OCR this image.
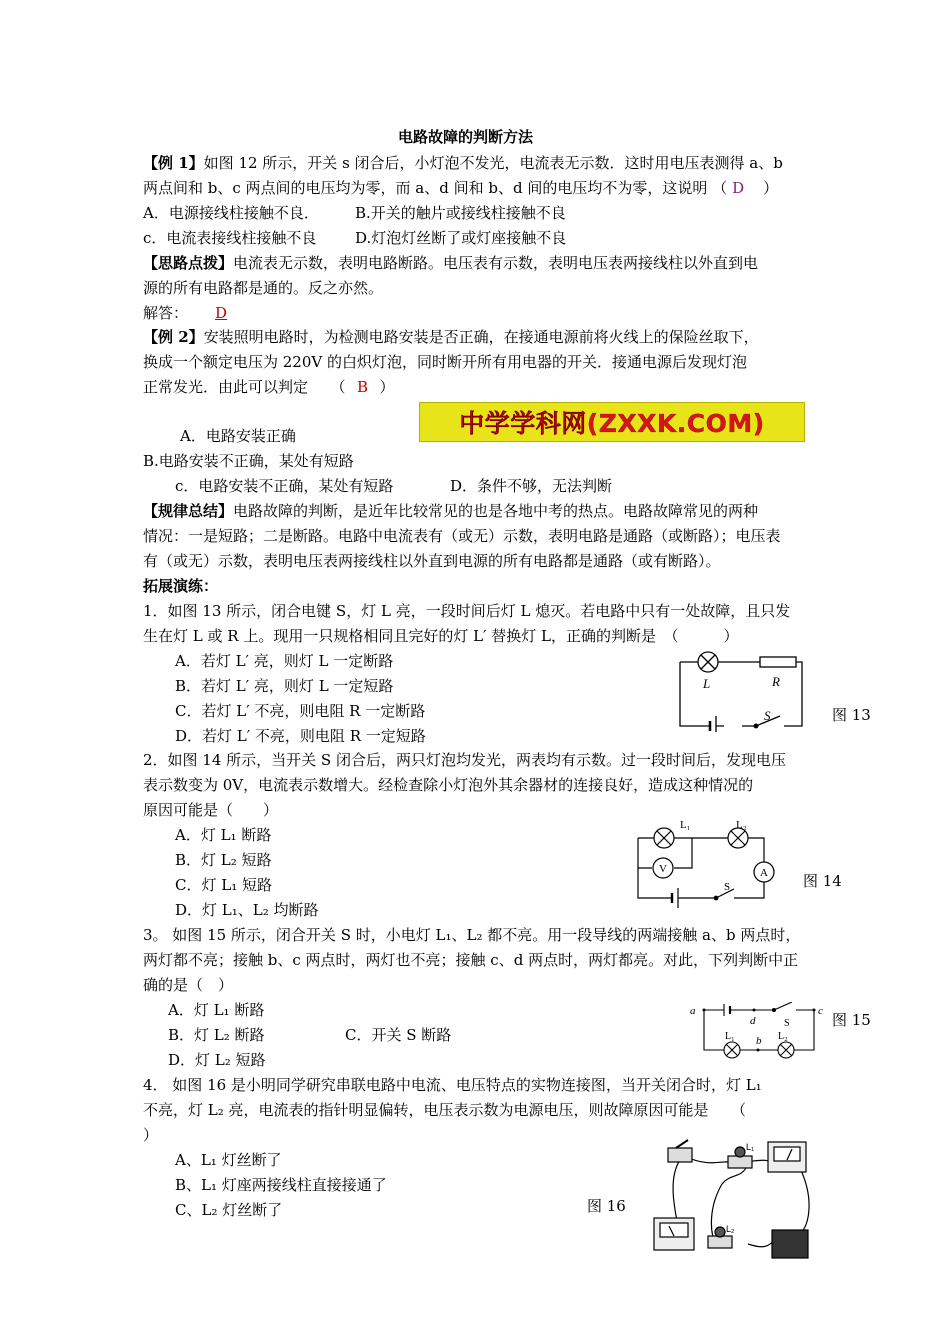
电路故障的判断方法
【例 1】如图 12 所示，开关 s 闭合后，小灯泡不发光，电流表无示数．这时用电压表测得 a、b
两点间和 b、c 两点间的电压均为零，而 a、d 间和 b、d 间的电压均不为零，这说明 （ D ）
A．电源接线柱接触不良． B.开关的触片或接线柱接触不良
c．电流表接线柱接触不良	D.灯泡灯丝断了或灯座接触不良
【思路点拨】电流表无示数，表明电路断路。电压表有示数，表明电压表两接线柱以外直到电
源的所有电路都是通的。反之亦然。
解答： D
【例 2】安装照明电路时，为检测电路安装是否正确，在接通电源前将火线上的保险丝取下，
换成一个额定电压为 220V 的白炽灯泡，同时断开所有用电器的开关．接通电源后发现灯泡
正常发光．由此可以判定　　（ B ）
中学学科网(ZXXK.COM)
A．电路安装正确
B.电路安装不正确，某处有短路
c．电路安装不正确，某处有短路	D．条件不够，无法判断
【规律总结】电路故障的判断，是近年比较常见的也是各地中考的热点。电路故障常见的两种
情况：一是短路；二是断路。电路中电流表有（或无）示数，表明电路是通路（或断路）；电压表
有（或无）示数，表明电压表两接线柱以外直到电源的所有电路都是通路（或有断路）。
拓展演练：
1．如图 13 所示，闭合电键 S，灯 L 亮，一段时间后灯 L 熄灭。若电路中只有一处故障，且只发
生在灯 L 或 R 上。现用一只规格相同且完好的灯 L′ 替换灯 L，正确的判断是　（　　　）
A．若灯 L′ 亮，则灯 L 一定断路
B．若灯 L′ 亮，则灯 L 一定短路
C．若灯 L′ 不亮，则电阻 R 一定断路
D．若灯 L′ 不亮，则电阻 R 一定短路
L	R
S	图 13
2．如图 14 所示，当开关 S 闭合后，两只灯泡均发光，两表均有示数。过一段时间后，发现电压
表示数变为 0V，电流表示数增大。经检查除小灯泡外其余器材的连接良好，造成这种情况的
原因可能是（　　）
A．灯 L₁ 断路
B．灯 L₂ 短路
C．灯 L₁ 短路
D．灯 L₁、L₂ 均断路
L₁	L₂
V	A
S	图 14
3。 如图 15 所示，闭合开关 S 时，小电灯 L₁、L₂ 都不亮。用一段导线的两端接触 a、b 两点时，
两灯都不亮；接触 b、c 两点时，两灯也不亮；接触 c、d 两点时，两灯都亮。对此，下列判断中正
确的是（　）
A．灯 L₁ 断路
B．灯 L₂ 断路	C．开关 S 断路
D．灯 L₂ 短路
a	c
d	S
b
L₁	L₂
图 15
4． 如图 16 是小明同学研究串联电路中电流、电压特点的实物连接图，当开关闭合时，灯 L₁
不亮，灯 L₂ 亮，电流表的指针明显偏转，电压表示数为电源电压，则故障原因可能是　　（
）
A、L₁ 灯丝断了
B、L₁ 灯座两接线柱直接接通了
C、L₂ 灯丝断了	图 16
L₁
L₂
